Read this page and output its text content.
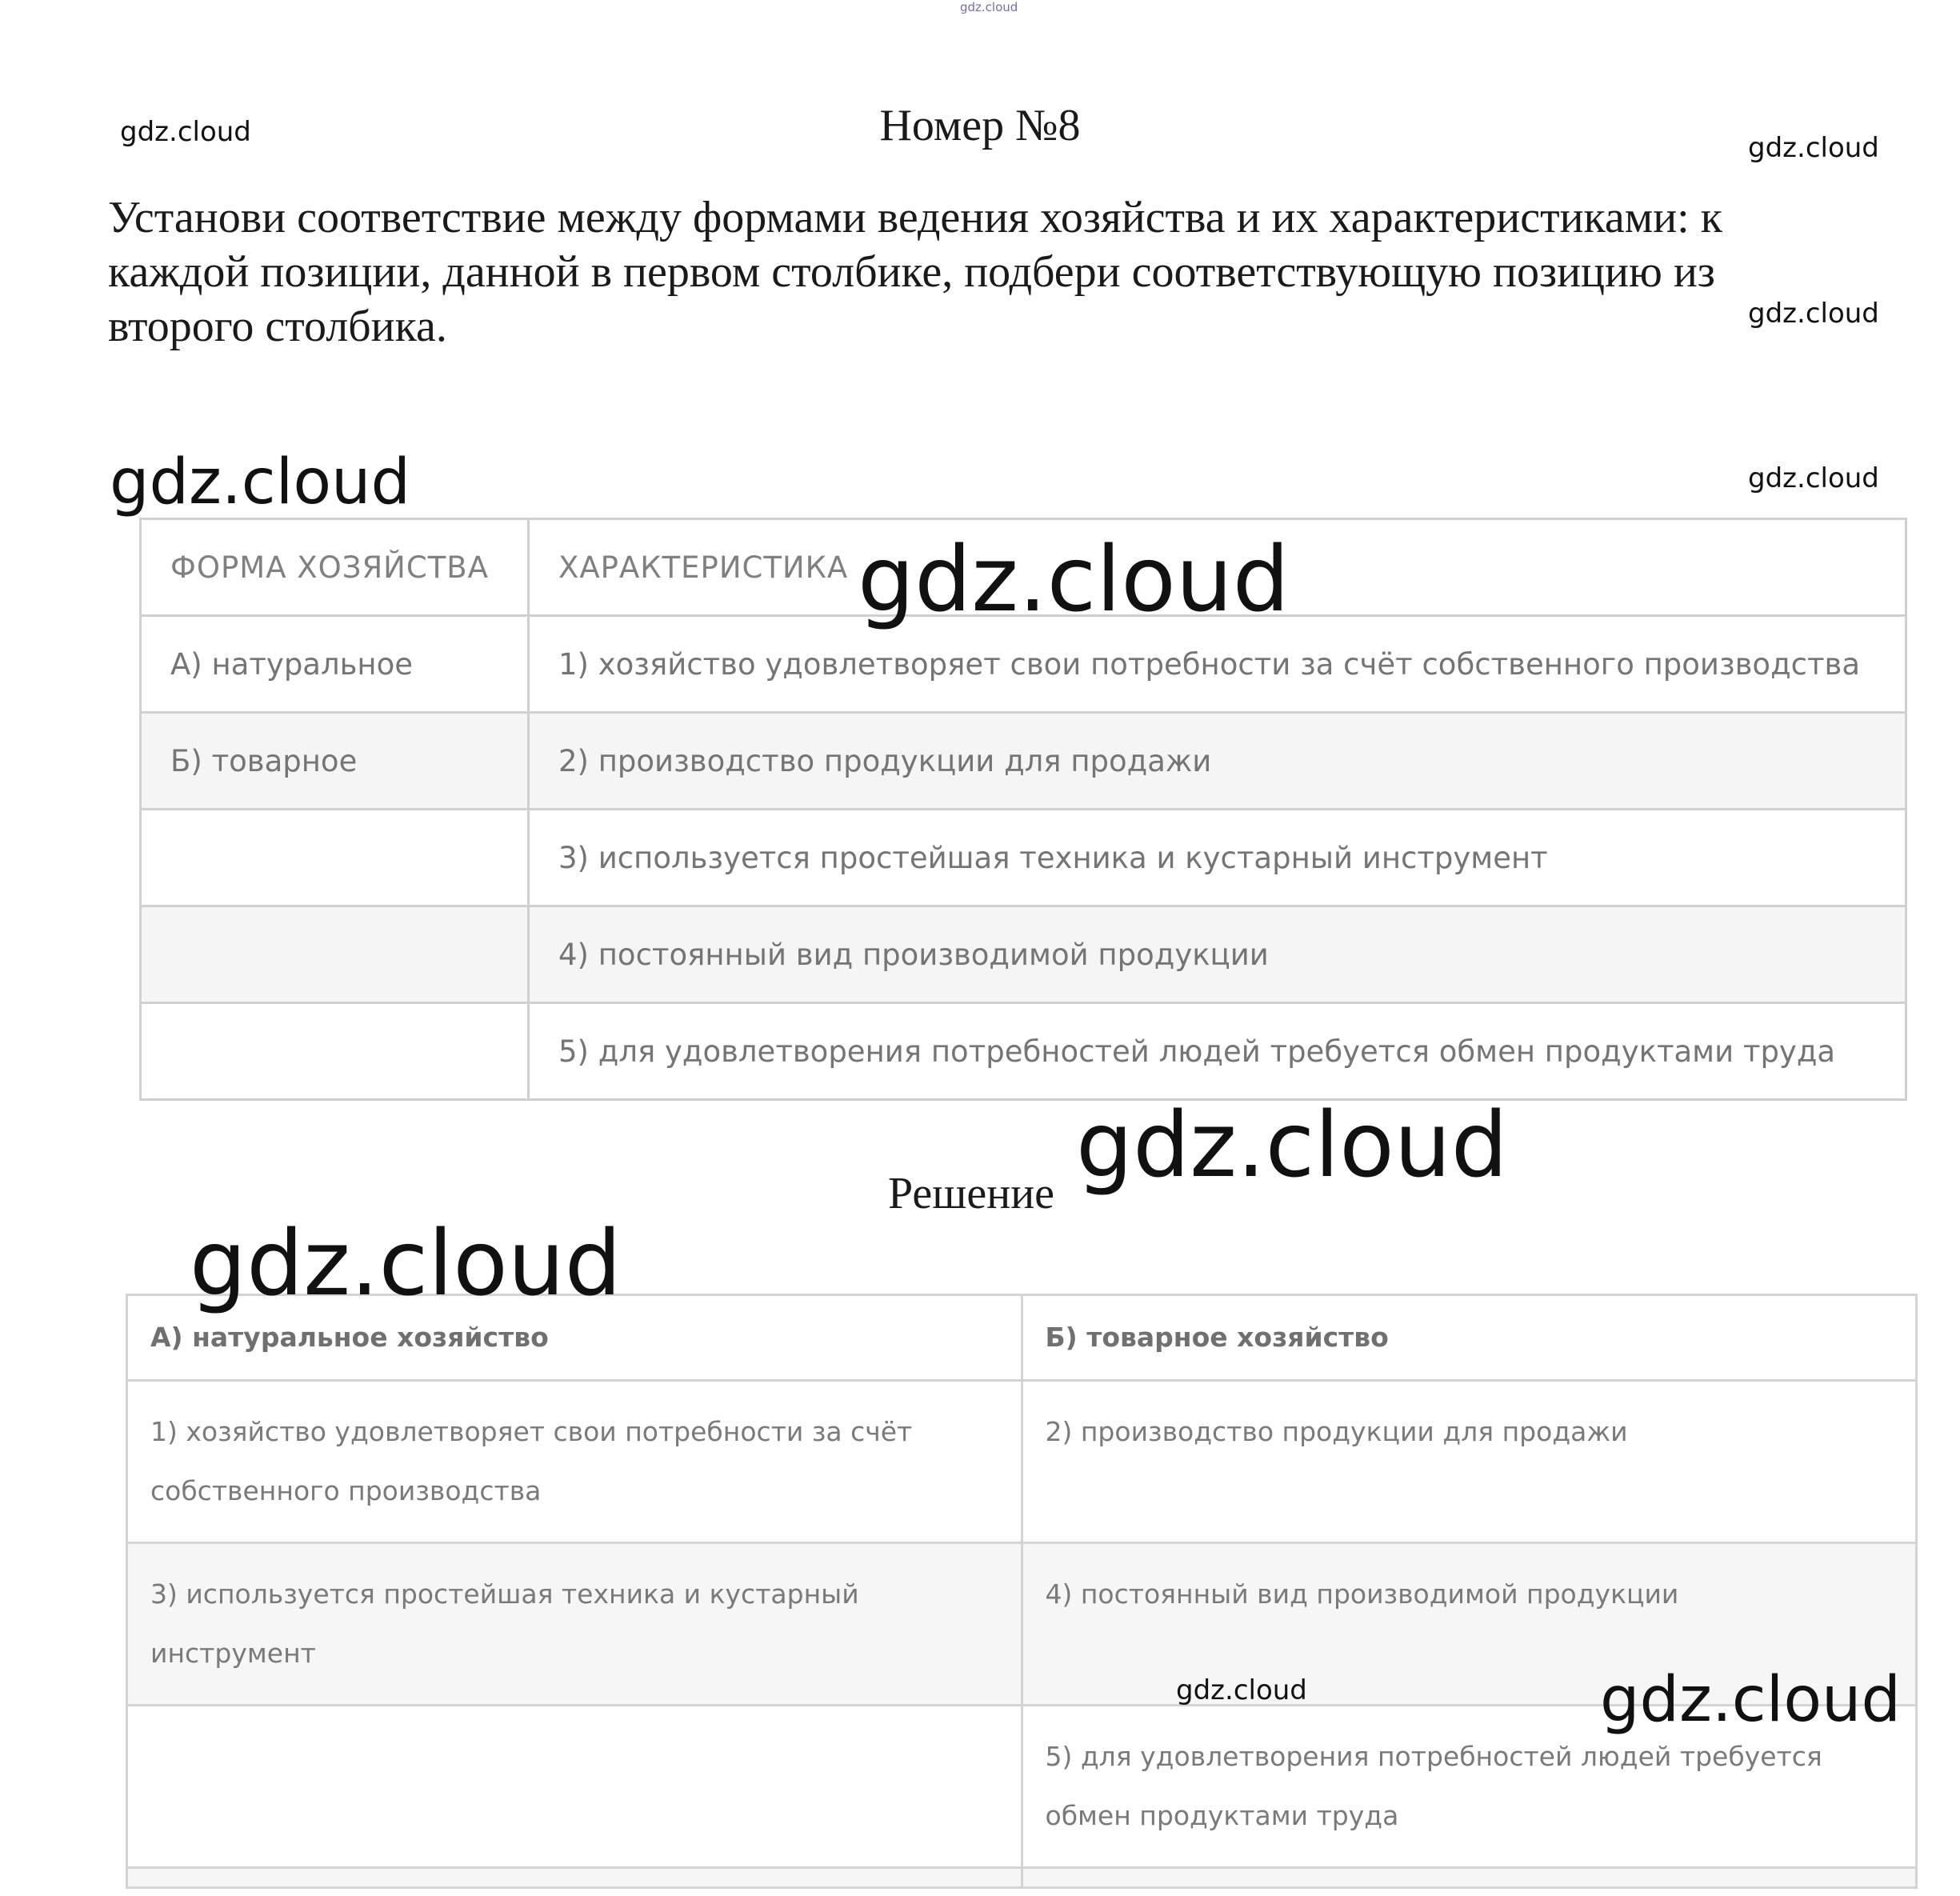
gdz.cloud
gdz.cloud	gdz.cloud
gdz.cloud
gdz.cloud
gdz.cloud
Номер №8
Установи соответствие между формами ведения хозяйства и их характеристиками: к каждой позиции, данной в первом столбике, подбери соответствующую позицию из второго столбика.
ФОРМА ХОЗЯЙСТВА	ХАРАКТЕРИСТИКА
А) натуральное	1) хозяйство удовлетворяет свои потребности за счёт собственного производства
Б) товарное	2) производство продукции для продажи
	3) используется простейшая техника и кустарный инструмент
	4) постоянный вид производимой продукции
	5) для удовлетворения потребностей людей требуется обмен продуктами труда
gdz.cloud
Решение gdz.cloud
А) натуральное хозяйство	Б) товарное хозяйство
1) хозяйство удовлетворяет свои потребности за счёт собственного производства	2) производство продукции для продажи
3) используется простейшая техника и кустарный инструмент	4) постоянный вид производимой продукции
	5) для удовлетворения потребностей людей требуется обмен продуктами труда

gdz.cloud
gdz.cloud	gdz.cloud
